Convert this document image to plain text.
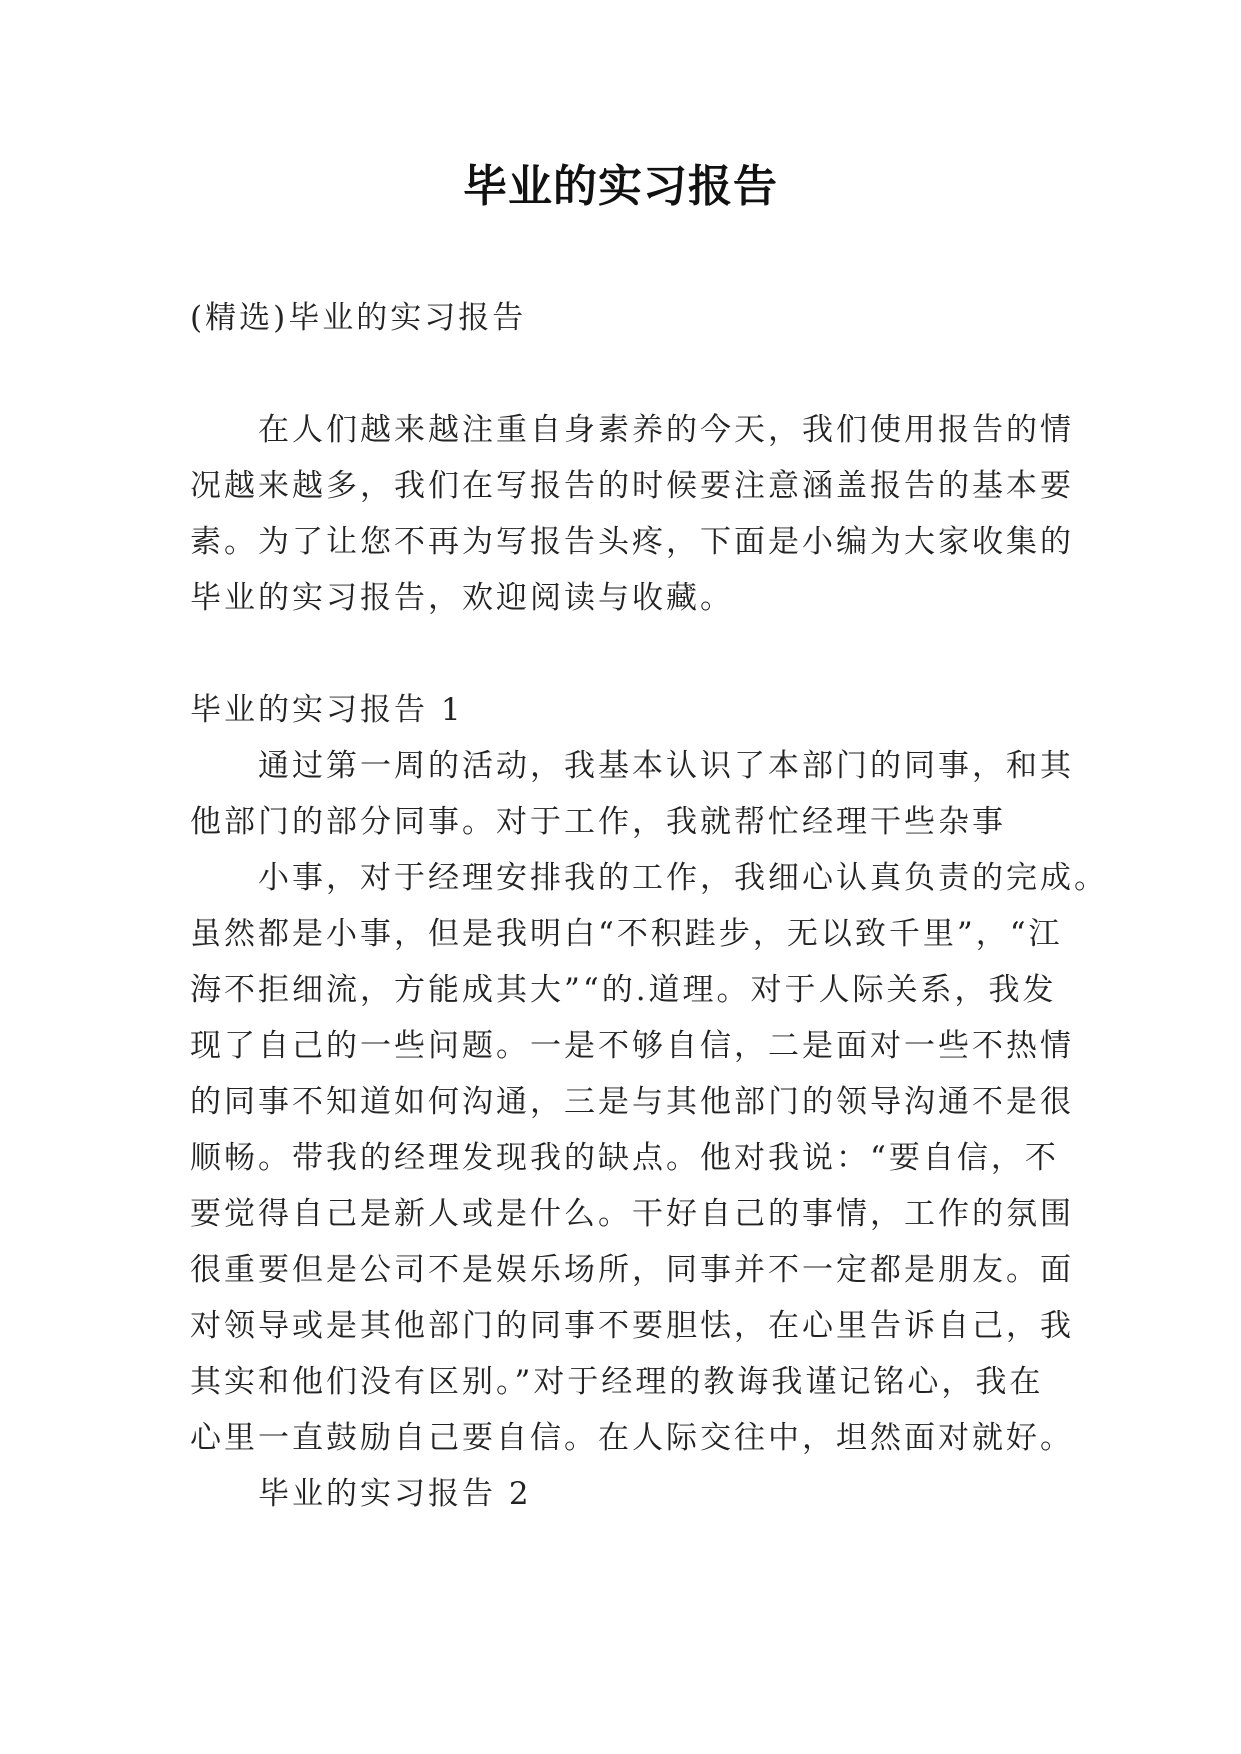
毕业的实习报告

(精选)毕业的实习报告

在人们越来越注重自身素养的今天，我们使用报告的情

况越来越多，我们在写报告的时候要注意涵盖报告的基本要

素。为了让您不再为写报告头疼，下面是小编为大家收集的

毕业的实习报告，欢迎阅读与收藏。

毕业的实习报告 1

通过第一周的活动，我基本认识了本部门的同事，和其

他部门的部分同事。对于工作，我就帮忙经理干些杂事

小事，对于经理安排我的工作，我细心认真负责的完成。

虽然都是小事，但是我明白“不积跬步，无以致千里”，“江

海不拒细流，方能成其大”“的.道理。对于人际关系，我发

现了自己的一些问题。一是不够自信，二是面对一些不热情

的同事不知道如何沟通，三是与其他部门的领导沟通不是很

顺畅。带我的经理发现我的缺点。他对我说：“要自信，不

要觉得自己是新人或是什么。干好自己的事情，工作的氛围

很重要但是公司不是娱乐场所，同事并不一定都是朋友。面

对领导或是其他部门的同事不要胆怯，在心里告诉自己，我

其实和他们没有区别。”对于经理的教诲我谨记铭心，我在

心里一直鼓励自己要自信。在人际交往中，坦然面对就好。

毕业的实习报告 2
